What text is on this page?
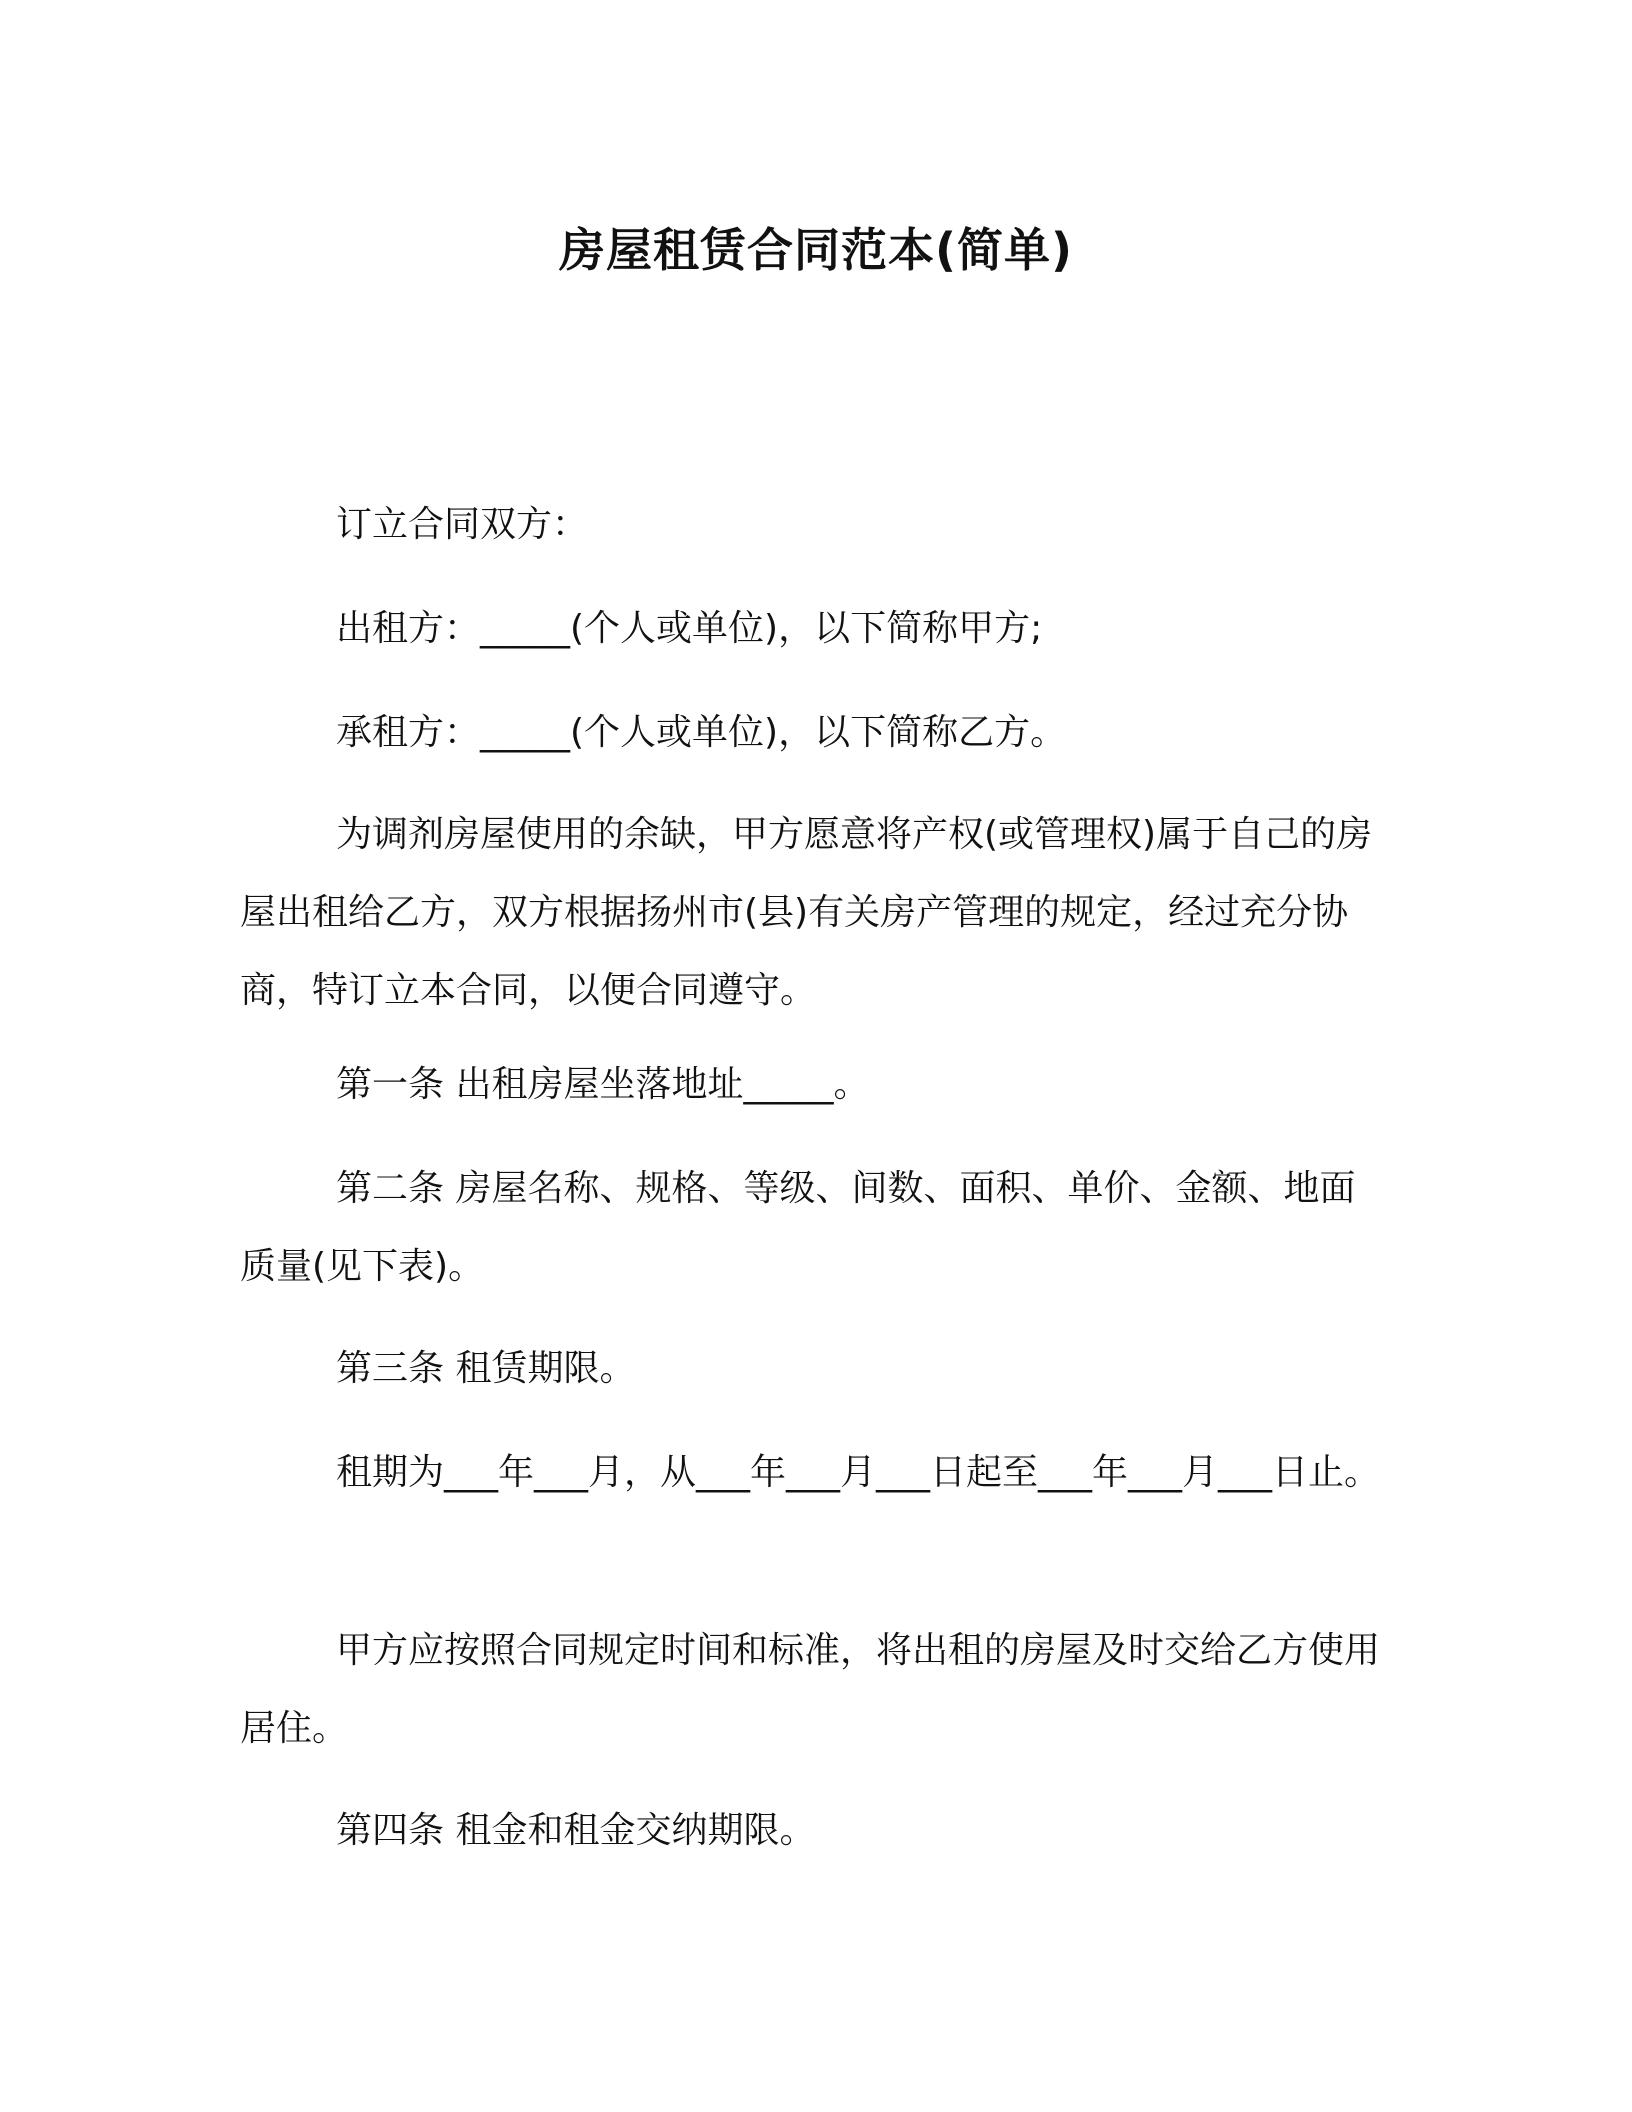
房屋租赁合同范本(简单)

订立合同双方：

出租方：_____(个人或单位)，以下简称甲方;

承租方：_____(个人或单位)，以下简称乙方。

为调剂房屋使用的余缺，甲方愿意将产权(或管理权)属于自己的房屋出租给乙方，双方根据扬州市(县)有关房产管理的规定，经过充分协商，特订立本合同，以便合同遵守。

第一条 出租房屋坐落地址_____。

第二条 房屋名称、规格、等级、间数、面积、单价、金额、地面质量(见下表)。

第三条 租赁期限。

租期为___年___月，从___年___月___日起至___年___月___日止。

甲方应按照合同规定时间和标准，将出租的房屋及时交给乙方使用居住。

第四条 租金和租金交纳期限。
